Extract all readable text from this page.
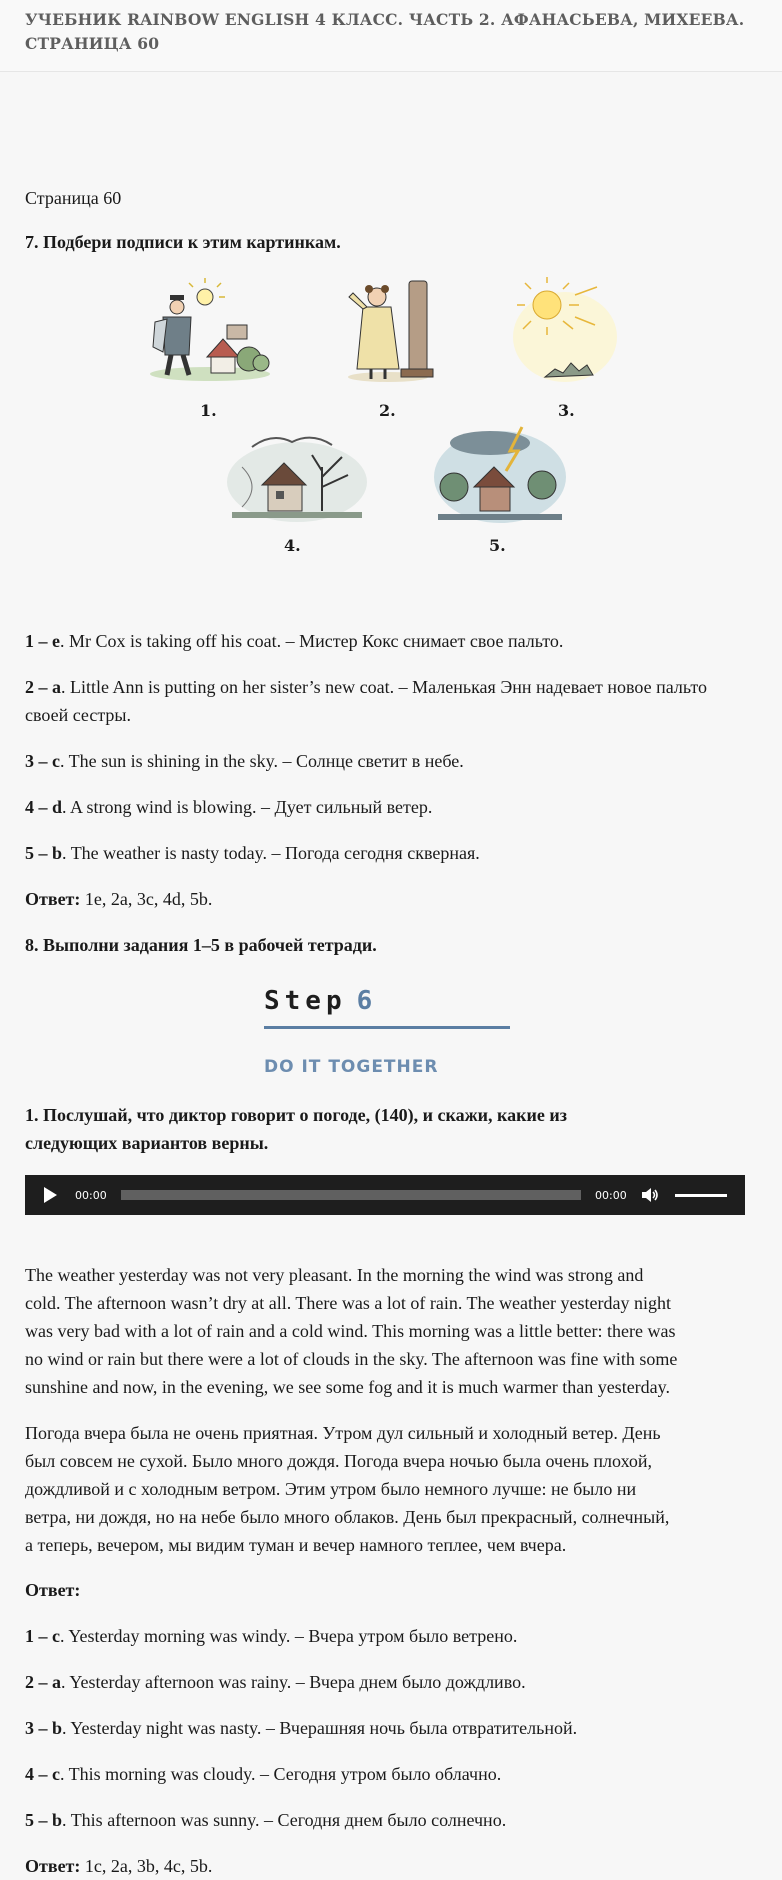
УЧЕБНИК RAINBOW ENGLISH 4 КЛАСС. ЧАСТЬ 2. АФАНАСЬЕВА, МИХЕЕВА.
СТРАНИЦА 60

Страница 60

7. Подбери подписи к этим картинкам.

1.	2.	3.
4.	5.

1 – e. Mr Cox is taking off his coat. – Мистер Кокс снимает свое пальто.

2 – a. Little Ann is putting on her sister’s new coat. – Маленькая Энн надевает новое пальто своей сестры.

3 – c. The sun is shining in the sky. – Солнце светит в небе.

4 – d. A strong wind is blowing. – Дует сильный ветер.

5 – b. The weather is nasty today. – Погода сегодня скверная.

Ответ: 1e, 2a, 3c, 4d, 5b.

8. Выполни задания 1–5 в рабочей тетради.

Step 6
DO IT TOGETHER

1. Послушай, что диктор говорит о погоде, (140), и скажи, какие из
следующих вариантов верны.

00:00	00:00

The weather yesterday was not very pleasant. In the morning the wind was strong and
cold. The afternoon wasn’t dry at all. There was a lot of rain. The weather yesterday night
was very bad with a lot of rain and a cold wind. This morning was a little better: there was
no wind or rain but there were a lot of clouds in the sky. The afternoon was fine with some
sunshine and now, in the evening, we see some fog and it is much warmer than yesterday.

Погода вчера была не очень приятная. Утром дул сильный и холодный ветер. День
был совсем не сухой. Было много дождя. Погода вчера ночью была очень плохой,
дождливой и с холодным ветром. Этим утром было немного лучше: не было ни
ветра, ни дождя, но на небе было много облаков. День был прекрасный, солнечный,
а теперь, вечером, мы видим туман и вечер намного теплее, чем вчера.

Ответ:

1 – c. Yesterday morning was windy. – Вчера утром было ветрено.

2 – a. Yesterday afternoon was rainy. – Вчера днем было дождливо.

3 – b. Yesterday night was nasty. – Вчерашняя ночь была отвратительной.

4 – c. This morning was cloudy. – Сегодня утром было облачно.

5 – b. This afternoon was sunny. – Сегодня днем было солнечно.

Ответ: 1c, 2a, 3b, 4c, 5b.
